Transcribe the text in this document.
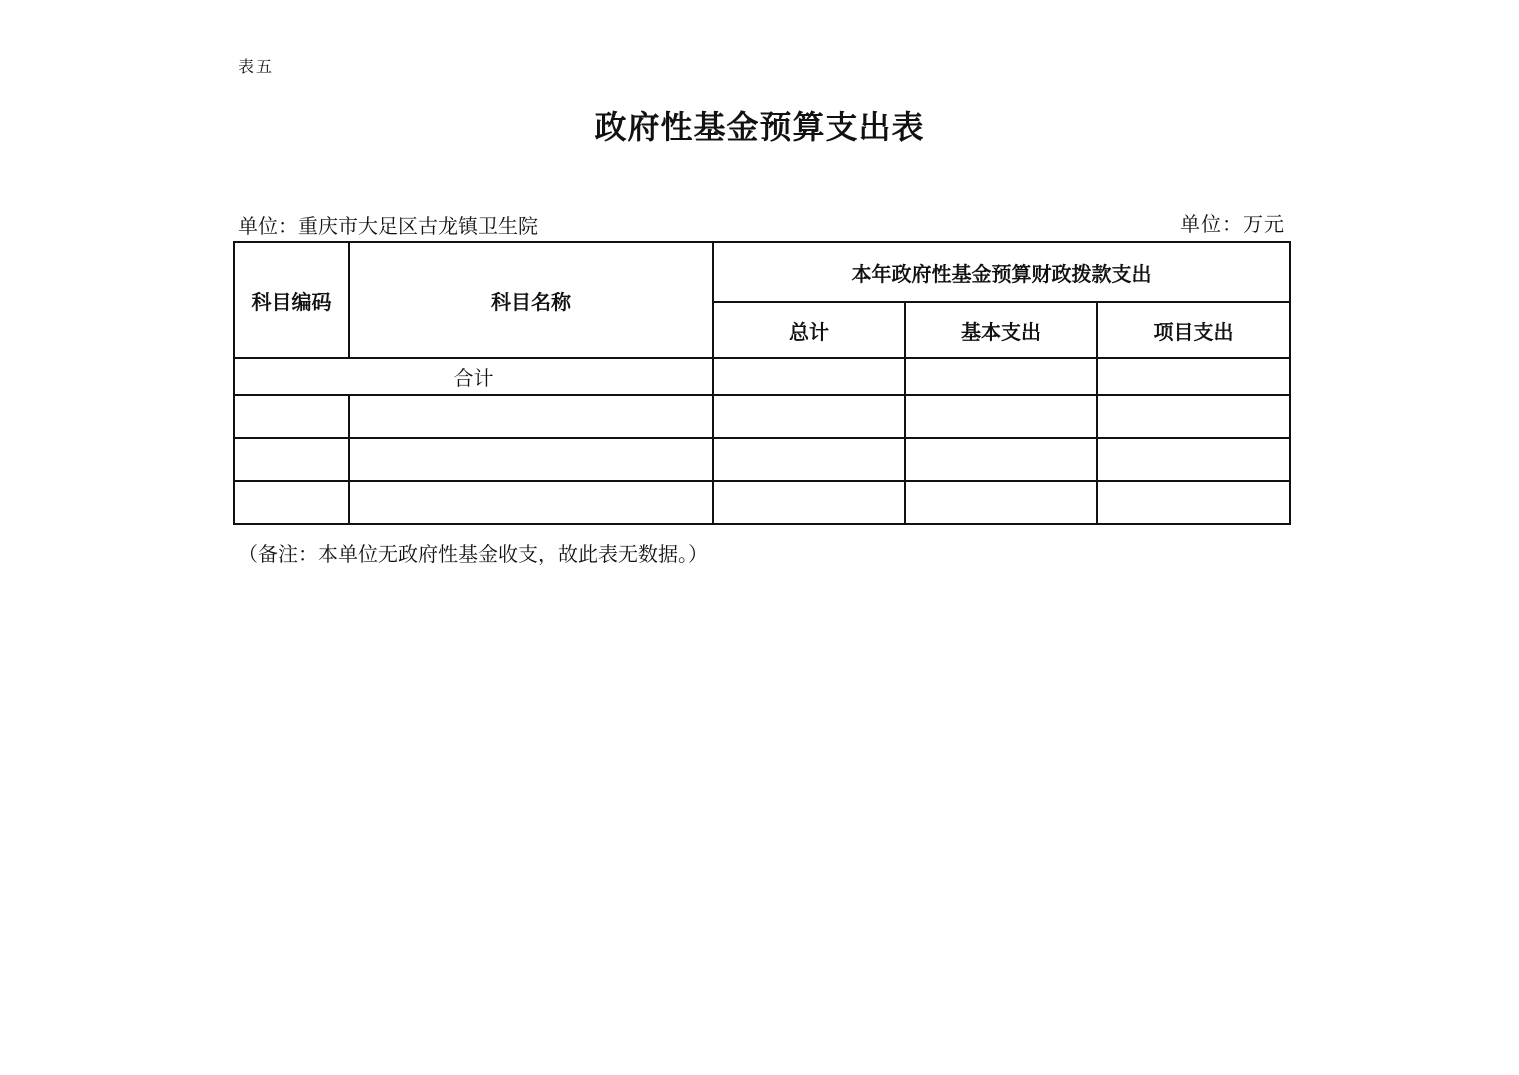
表五
政府性基金预算支出表
单位：重庆市大足区古龙镇卫生院	单位：万元
科目编码	科目名称	本年政府性基金预算财政拨款支出		
		总计	基本支出	项目支出
合计				

（备注：本单位无政府性基金收支，故此表无数据。）
